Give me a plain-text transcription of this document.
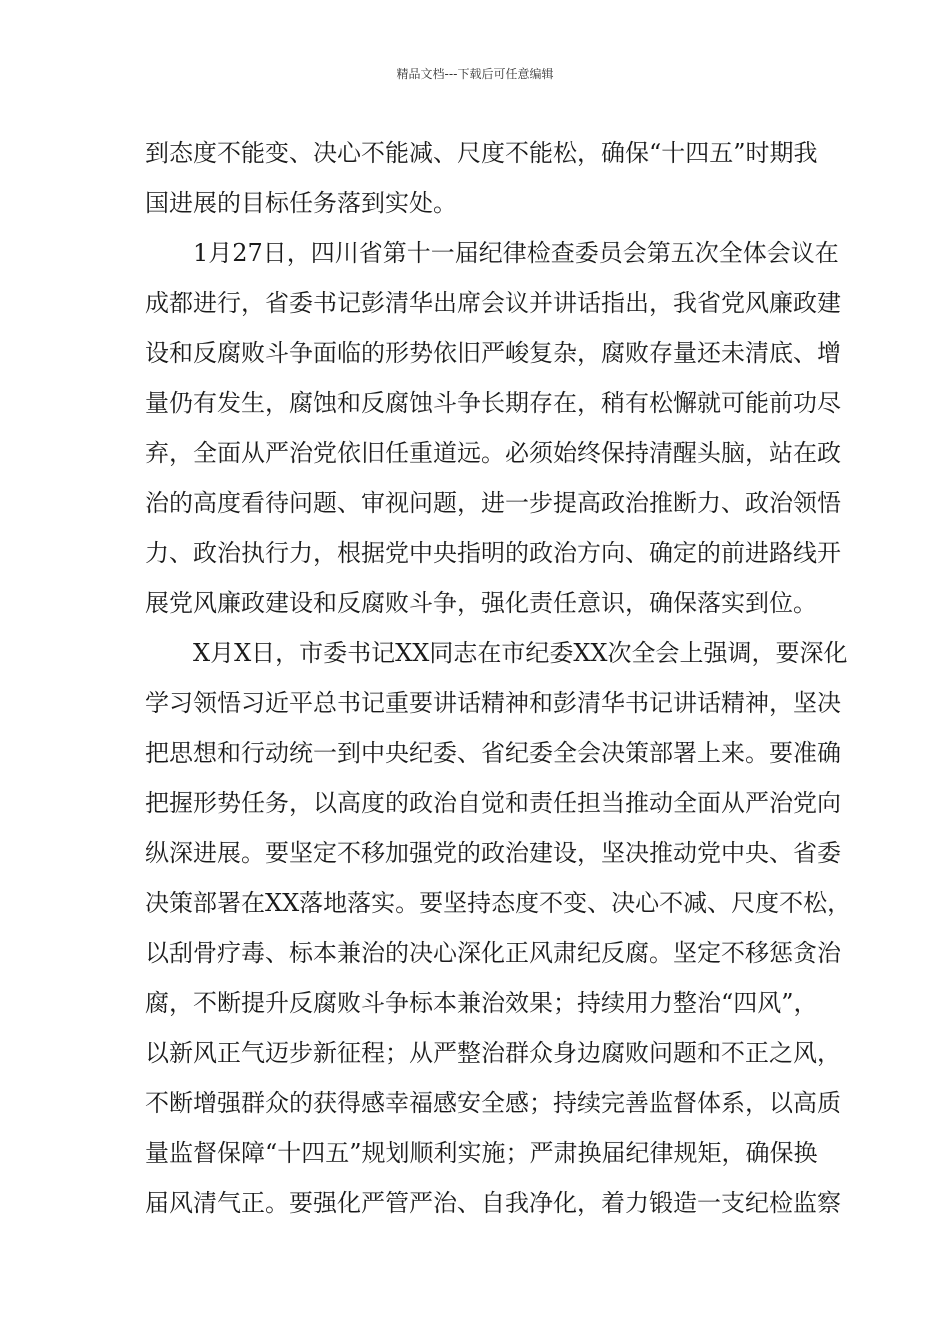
精品文档---下载后可任意编辑
到态度不能变、决心不能减、尺度不能松，确保“十四五”时期我
国进展的目标任务落到实处。
1月27日，四川省第十一届纪律检查委员会第五次全体会议在
成都进行，省委书记彭清华出席会议并讲话指出，我省党风廉政建
设和反腐败斗争面临的形势依旧严峻复杂，腐败存量还未清底、增
量仍有发生，腐蚀和反腐蚀斗争长期存在，稍有松懈就可能前功尽
弃，全面从严治党依旧任重道远。必须始终保持清醒头脑，站在政
治的高度看待问题、审视问题，进一步提高政治推断力、政治领悟
力、政治执行力，根据党中央指明的政治方向、确定的前进路线开
展党风廉政建设和反腐败斗争，强化责任意识，确保落实到位。
X月X日，市委书记XX同志在市纪委XX次全会上强调，要深化
学习领悟习近平总书记重要讲话精神和彭清华书记讲话精神，坚决
把思想和行动统一到中央纪委、省纪委全会决策部署上来。要准确
把握形势任务，以高度的政治自觉和责任担当推动全面从严治党向
纵深进展。要坚定不移加强党的政治建设，坚决推动党中央、省委
决策部署在XX落地落实。要坚持态度不变、决心不减、尺度不松，
以刮骨疗毒、标本兼治的决心深化正风肃纪反腐。坚定不移惩贪治
腐，不断提升反腐败斗争标本兼治效果；持续用力整治“四风”，
以新风正气迈步新征程；从严整治群众身边腐败问题和不正之风，
不断增强群众的获得感幸福感安全感；持续完善监督体系，以高质
量监督保障“十四五”规划顺利实施；严肃换届纪律规矩，确保换
届风清气正。要强化严管严治、自我净化，着力锻造一支纪检监察
